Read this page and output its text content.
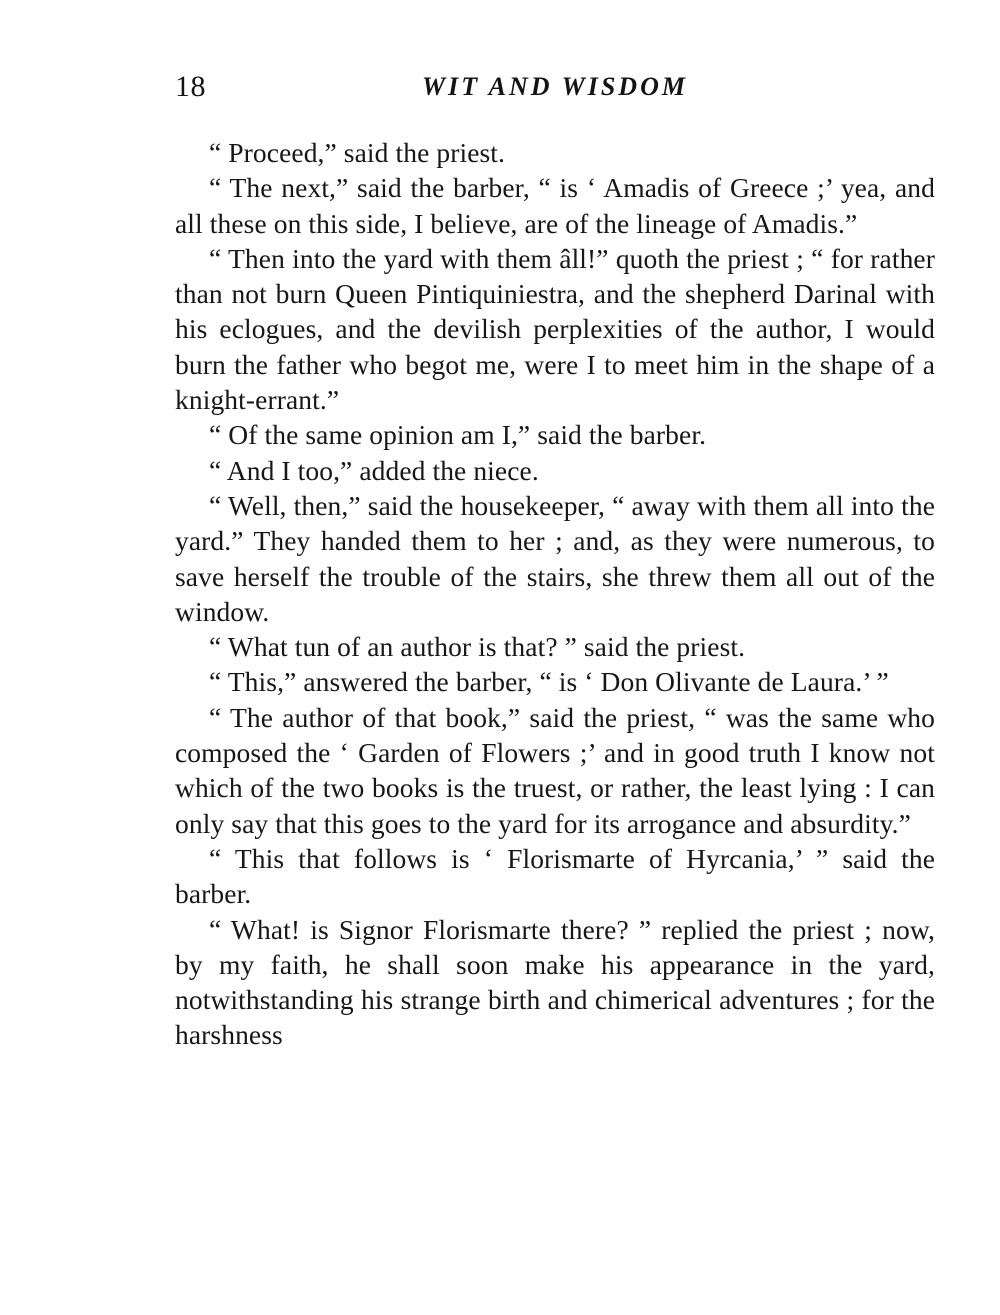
18	WIT AND WISDOM

“ Proceed,” said the priest.

“ The next,” said the barber, “ is ‘ Amadis of Greece ;’ yea, and all these on this side, I believe, are of the lineage of Amadis.”

“ Then into the yard with them âll!” quoth the priest ; “ for rather than not burn Queen Pintiquiniestra, and the shepherd Darinal with his eclogues, and the devilish perplexities of the author, I would burn the father who begot me, were I to meet him in the shape of a knight-errant.”

“ Of the same opinion am I,” said the barber.

“ And I too,” added the niece.

“ Well, then,” said the housekeeper, “ away with them all into the yard.” They handed them to her ; and, as they were numerous, to save herself the trouble of the stairs, she threw them all out of the window.

“ What tun of an author is that? ” said the priest.

“ This,” answered the barber, “ is ‘ Don Olivante de Laura.’ ”

“ The author of that book,” said the priest, “ was the same who composed the ‘ Garden of Flowers ;’ and in good truth I know not which of the two books is the truest, or rather, the least lying : I can only say that this goes to the yard for its arrogance and absurdity.”

“ This that follows is ‘ Florismarte of Hyrcania,’ ” said the barber.

“ What! is Signor Florismarte there? ” replied the priest ; now, by my faith, he shall soon make his appearance in the yard, notwithstanding his strange birth and chimerical adventures ; for the harshness
